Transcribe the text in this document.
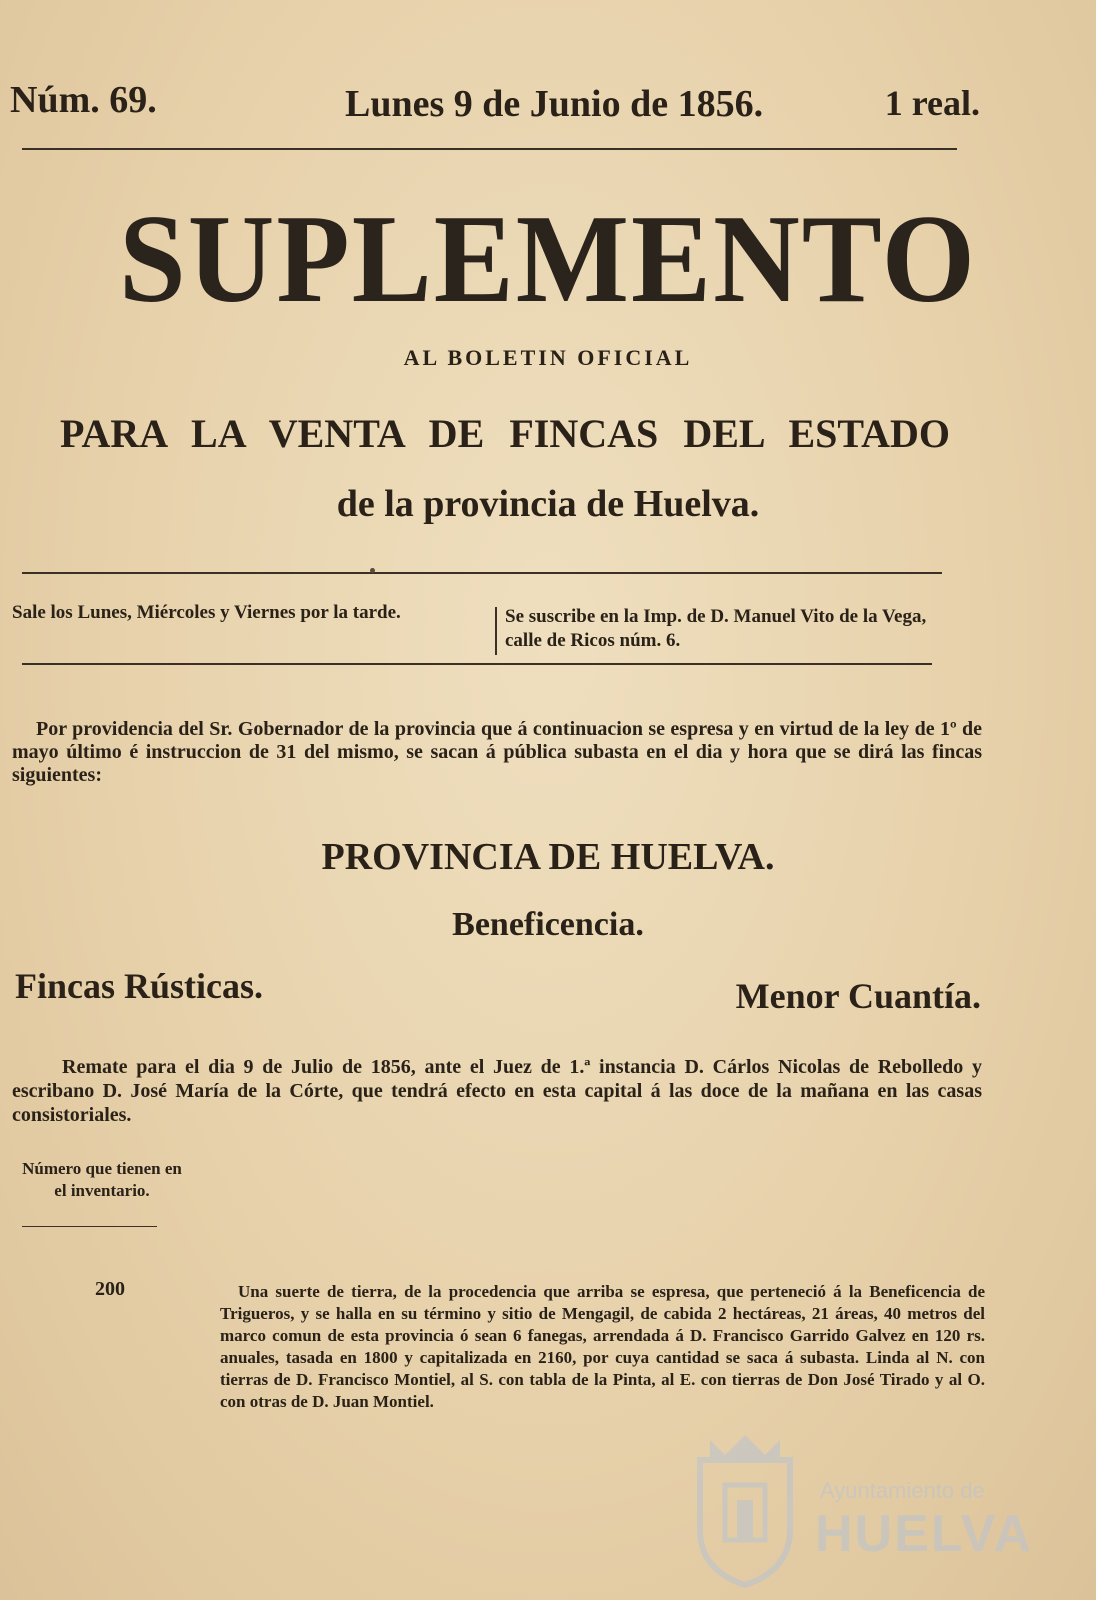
Núm. 69.	Lunes 9 de Junio de 1856.	1 real.
SUPLEMENTO
AL BOLETIN OFICIAL
PARA LA VENTA DE FINCAS DEL ESTADO
de la provincia de Huelva.
Sale los Lunes, Miércoles y Viernes por la tarde.	Se suscribe en la Imp. de D. Manuel Vito de la Vega, calle de Ricos núm. 6.
Por providencia del Sr. Gobernador de la provincia que á continuacion se espresa y en virtud de la ley de 1º de mayo último é instruccion de 31 del mismo, se sacan á pública subasta en el dia y hora que se dirá las fincas siguientes:
PROVINCIA DE HUELVA.
Beneficencia.
Fincas Rústicas.	Menor Cuantía.
Remate para el dia 9 de Julio de 1856, ante el Juez de 1.ª instancia D. Cárlos Nicolas de Rebolledo y escribano D. José María de la Córte, que tendrá efecto en esta capital á las doce de la mañana en las casas consistoriales.
Número que tienen en el inventario.
200	Una suerte de tierra, de la procedencia que arriba se espresa, que perteneció á la Beneficencia de Trigueros, y se halla en su término y sitio de Mengagil, de cabida 2 hectáreas, 21 áreas, 40 metros del marco comun de esta provincia ó sean 6 fanegas, arrendada á D. Francisco Garrido Galvez en 120 rs. anuales, tasada en 1800 y capitalizada en 2160, por cuya cantidad se saca á subasta. Linda al N. con tierras de D. Francisco Montiel, al S. con tabla de la Pinta, al E. con tierras de Don José Tirado y al O. con otras de D. Juan Montiel.
Ayuntamiento de
HUELVA
